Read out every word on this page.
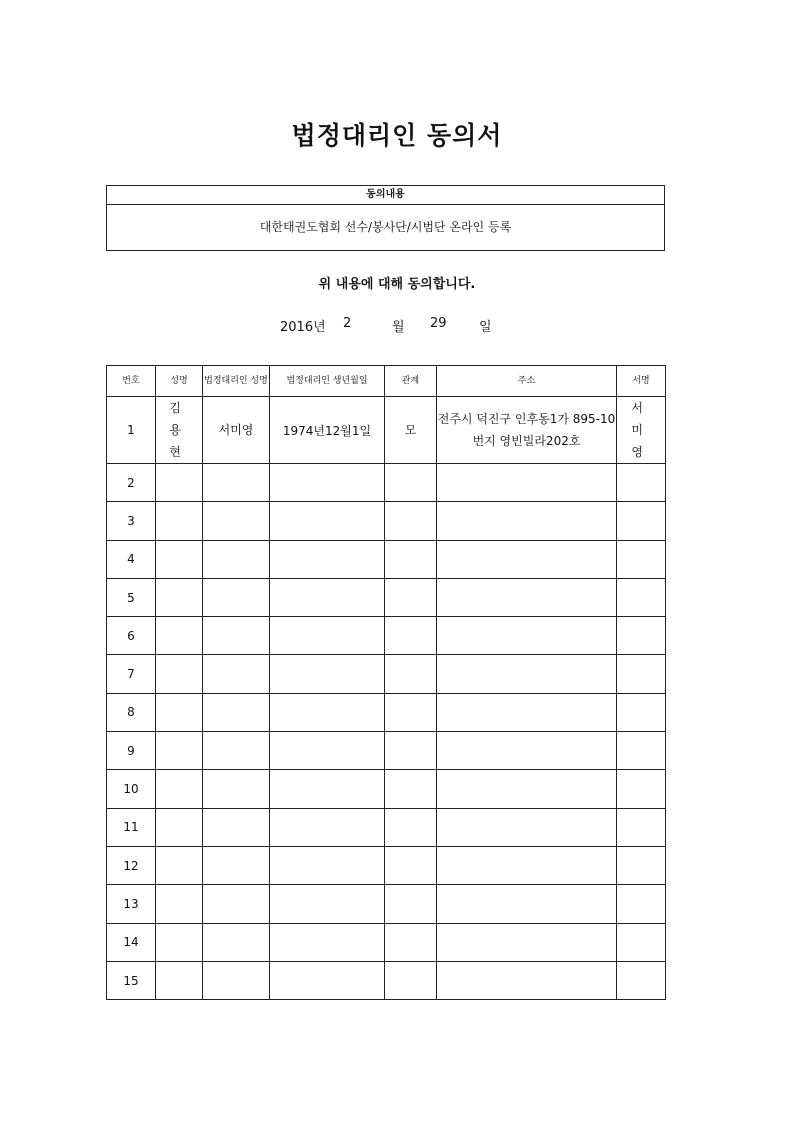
법정대리인 동의서
동의내용
대한태권도협회 선수/봉사단/시범단 온라인 등록
위 내용에 대해 동의합니다.
2016년 2	월 29 일
번호	성명	법정대리인 성명	법정대리인 생년월일	관계	주소	서명
1	김 용 현	서미영	1974년12월1일	모	전주시 덕진구 인후동1가 895-10번지 영빈빌라202호	서 미 영
2						
3						
4						
5						
6						
7						
8						
9						
10						
11						
12						
13						
14						
15						
